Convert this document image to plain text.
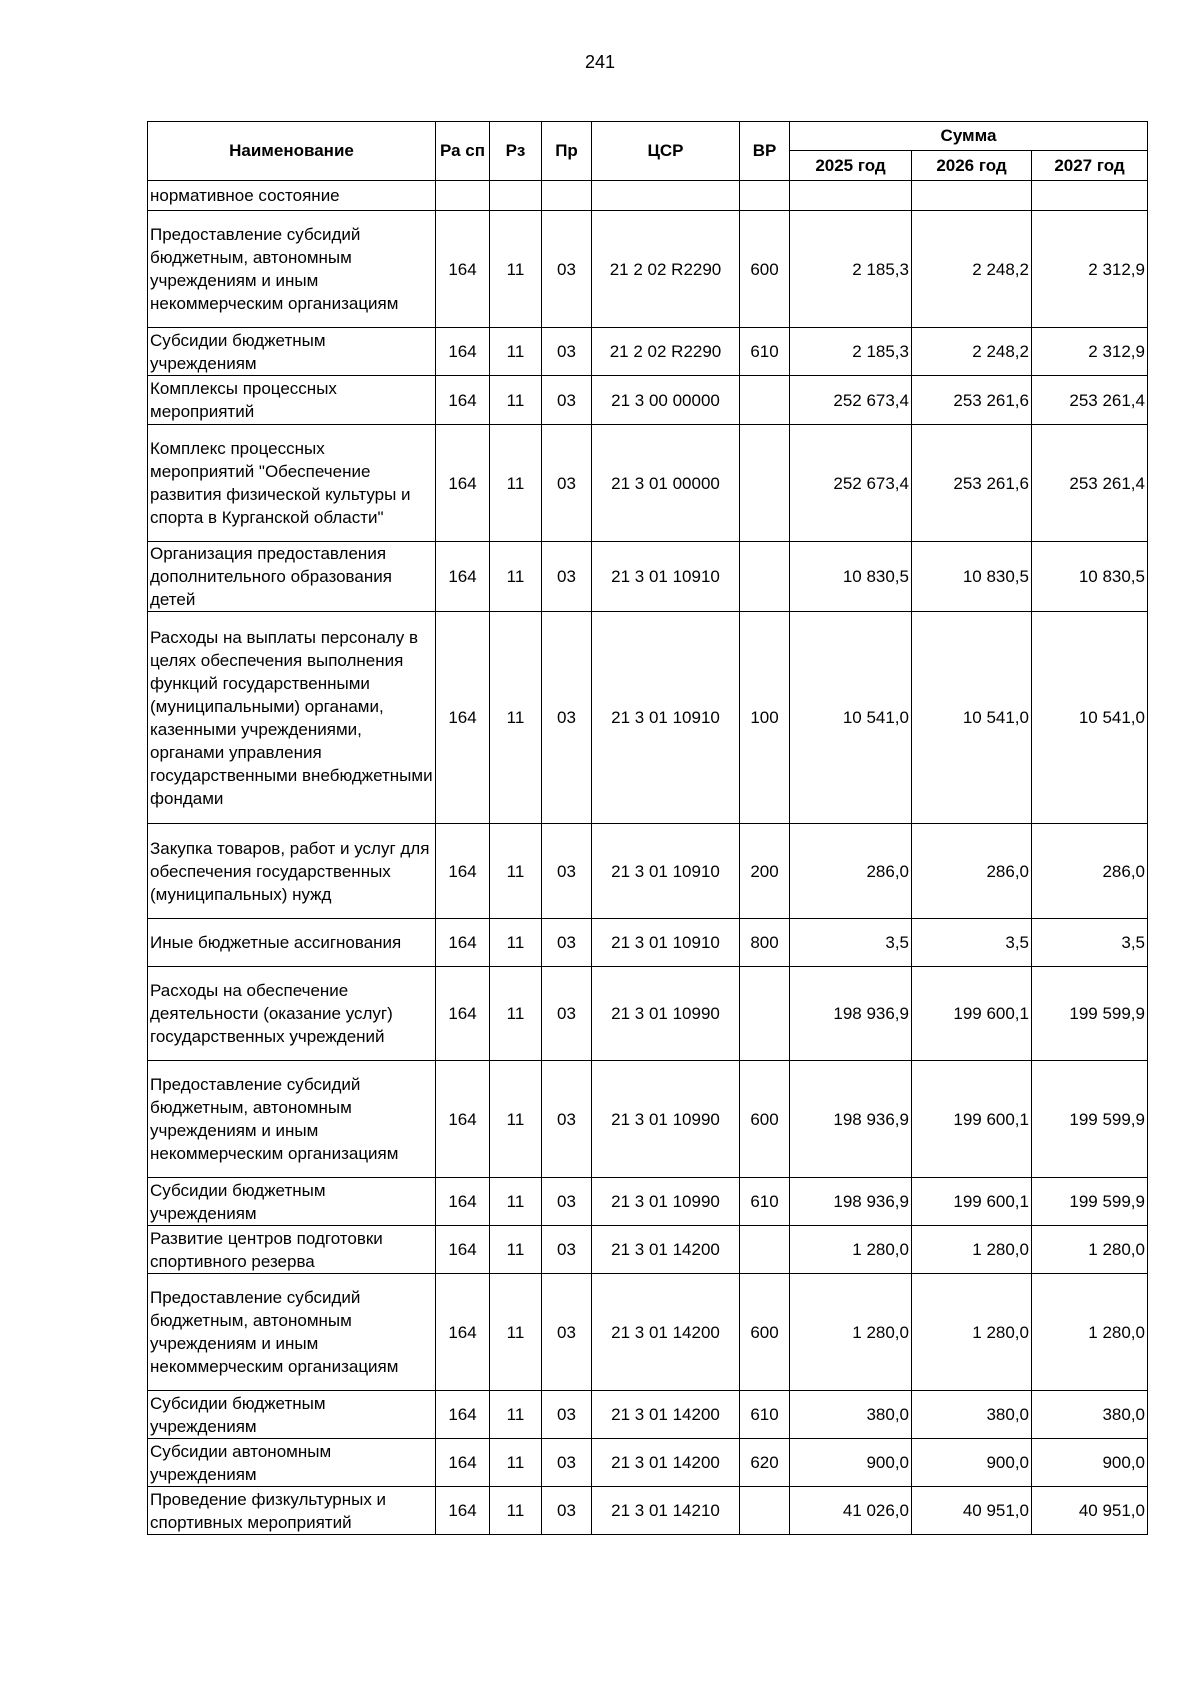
241
Наименование	Ра сп	Рз	Пр	ЦСР	ВР	Сумма		
						2025 год	2026 год	2027 год
нормативное состояние								
Предоставление субсидий бюджетным, автономным учреждениям и иным некоммерческим организациям	164	11	03	21 2 02 R2290	600	2 185,3	2 248,2	2 312,9
Субсидии бюджетным учреждениям	164	11	03	21 2 02 R2290	610	2 185,3	2 248,2	2 312,9
Комплексы процессных мероприятий	164	11	03	21 3 00 00000		252 673,4	253 261,6	253 261,4
Комплекс процессных мероприятий "Обеспечение развития физической культуры и спорта в Курганской области"	164	11	03	21 3 01 00000		252 673,4	253 261,6	253 261,4
Организация предоставления дополнительного образования детей	164	11	03	21 3 01 10910		10 830,5	10 830,5	10 830,5
Расходы на выплаты персоналу в целях обеспечения выполнения функций государственными (муниципальными) органами, казенными учреждениями, органами управления государственными внебюджетными фондами	164	11	03	21 3 01 10910	100	10 541,0	10 541,0	10 541,0
Закупка товаров, работ и услуг для обеспечения государственных (муниципальных) нужд	164	11	03	21 3 01 10910	200	286,0	286,0	286,0
Иные бюджетные ассигнования	164	11	03	21 3 01 10910	800	3,5	3,5	3,5
Расходы на обеспечение деятельности (оказание услуг) государственных учреждений	164	11	03	21 3 01 10990		198 936,9	199 600,1	199 599,9
Предоставление субсидий бюджетным, автономным учреждениям и иным некоммерческим организациям	164	11	03	21 3 01 10990	600	198 936,9	199 600,1	199 599,9
Субсидии бюджетным учреждениям	164	11	03	21 3 01 10990	610	198 936,9	199 600,1	199 599,9
Развитие центров подготовки спортивного резерва	164	11	03	21 3 01 14200		1 280,0	1 280,0	1 280,0
Предоставление субсидий бюджетным, автономным учреждениям и иным некоммерческим организациям	164	11	03	21 3 01 14200	600	1 280,0	1 280,0	1 280,0
Субсидии бюджетным учреждениям	164	11	03	21 3 01 14200	610	380,0	380,0	380,0
Субсидии автономным учреждениям	164	11	03	21 3 01 14200	620	900,0	900,0	900,0
Проведение физкультурных и спортивных мероприятий	164	11	03	21 3 01 14210		41 026,0	40 951,0	40 951,0
